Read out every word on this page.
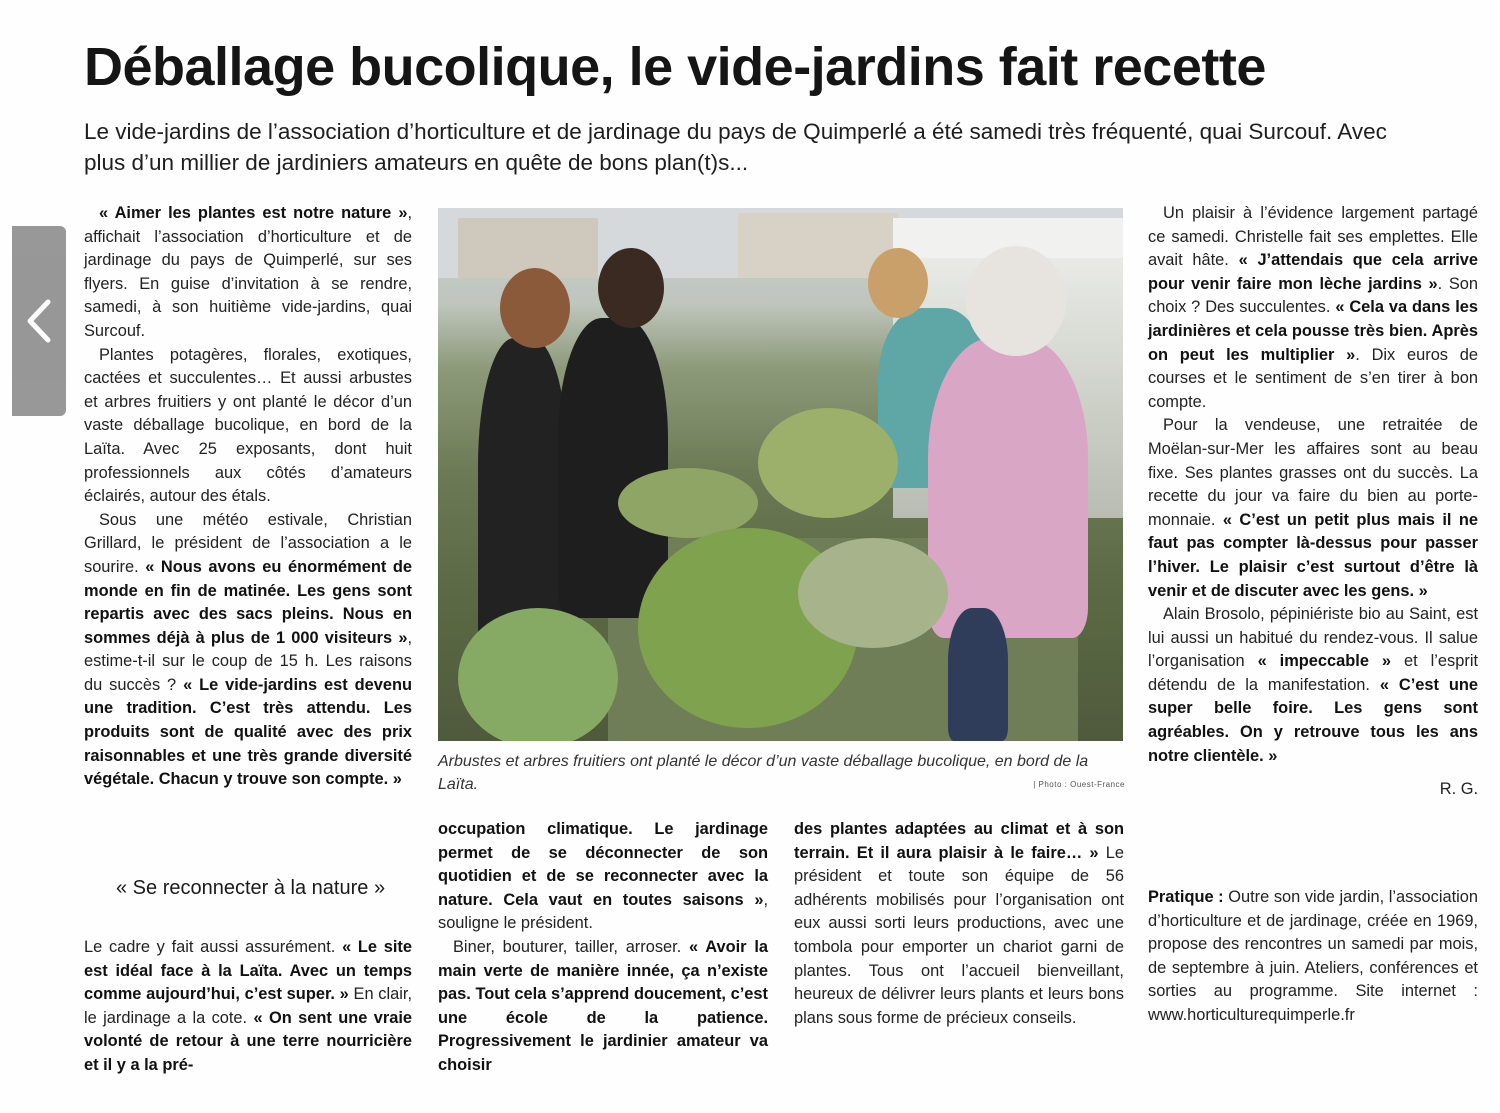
Déballage bucolique, le vide-jardins fait recette

Le vide-jardins de l’association d’horticulture et de jardinage du pays de Quimperlé a été samedi très fréquenté, quai Surcouf. Avec plus d’un millier de jardiniers amateurs en quête de bons plan(t)s...

« Aimer les plantes est notre nature », affichait l’association d’horticulture et de jardinage du pays de Quimperlé, sur ses flyers. En guise d’invitation à se rendre, samedi, à son huitième vide-jardins, quai Surcouf.

Plantes potagères, florales, exotiques, cactées et succulentes… Et aussi arbustes et arbres fruitiers y ont planté le décor d’un vaste déballage bucolique, en bord de la Laïta. Avec 25 exposants, dont huit professionnels aux côtés d’amateurs éclairés, autour des étals.

Sous une météo estivale, Christian Grillard, le président de l’association a le sourire. « Nous avons eu énormément de monde en fin de matinée. Les gens sont repartis avec des sacs pleins. Nous en sommes déjà à plus de 1 000 visiteurs », estime-t-il sur le coup de 15 h. Les raisons du succès ? « Le vide-jardins est devenu une tradition. C’est très attendu. Les produits sont de qualité avec des prix raisonnables et une très grande diversité végétale. Chacun y trouve son compte. »

« Se reconnecter à la nature »

Le cadre y fait aussi assurément. « Le site est idéal face à la Laïta. Avec un temps comme aujourd’hui, c’est super. » En clair, le jardinage a la cote. « On sent une vraie volonté de retour à une terre nourricière et il y a la pré-

Arbustes et arbres fruitiers ont planté le décor d’un vaste déballage bucolique, en bord de la Laïta.	| Photo : Ouest-France

occupation climatique. Le jardinage permet de se déconnecter de son quotidien et de se reconnecter avec la nature. Cela vaut en toutes saisons », souligne le président.

Biner, bouturer, tailler, arroser. « Avoir la main verte de manière innée, ça n’existe pas. Tout cela s’apprend doucement, c’est une école de la patience. Progressivement le jardinier amateur va choisir

des plantes adaptées au climat et à son terrain. Et il aura plaisir à le faire… » Le président et toute son équipe de 56 adhérents mobilisés pour l’organisation ont eux aussi sorti leurs productions, avec une tombola pour emporter un chariot garni de plantes. Tous ont l’accueil bienveillant, heureux de délivrer leurs plants et leurs bons plans sous forme de précieux conseils.

Un plaisir à l’évidence largement partagé ce samedi. Christelle fait ses emplettes. Elle avait hâte. « J’attendais que cela arrive pour venir faire mon lèche jardins ». Son choix ? Des succulentes. « Cela va dans les jardinières et cela pousse très bien. Après on peut les multiplier ». Dix euros de courses et le sentiment de s’en tirer à bon compte.

Pour la vendeuse, une retraitée de Moëlan-sur-Mer les affaires sont au beau fixe. Ses plantes grasses ont du succès. La recette du jour va faire du bien au porte-monnaie. « C’est un petit plus mais il ne faut pas compter là-dessus pour passer l’hiver. Le plaisir c’est surtout d’être là venir et de discuter avec les gens. »

Alain Brosolo, pépiniériste bio au Saint, est lui aussi un habitué du rendez-vous. Il salue l’organisation « impeccable » et l’esprit détendu de la manifestation. « C’est une super belle foire. Les gens sont agréables. On y retrouve tous les ans notre clientèle. »

R. G.

Pratique : Outre son vide jardin, l’association d’horticulture et de jardinage, créée en 1969, propose des rencontres un samedi par mois, de septembre à juin. Ateliers, conférences et sorties au programme. Site internet : www.horticulturequimperle.fr
